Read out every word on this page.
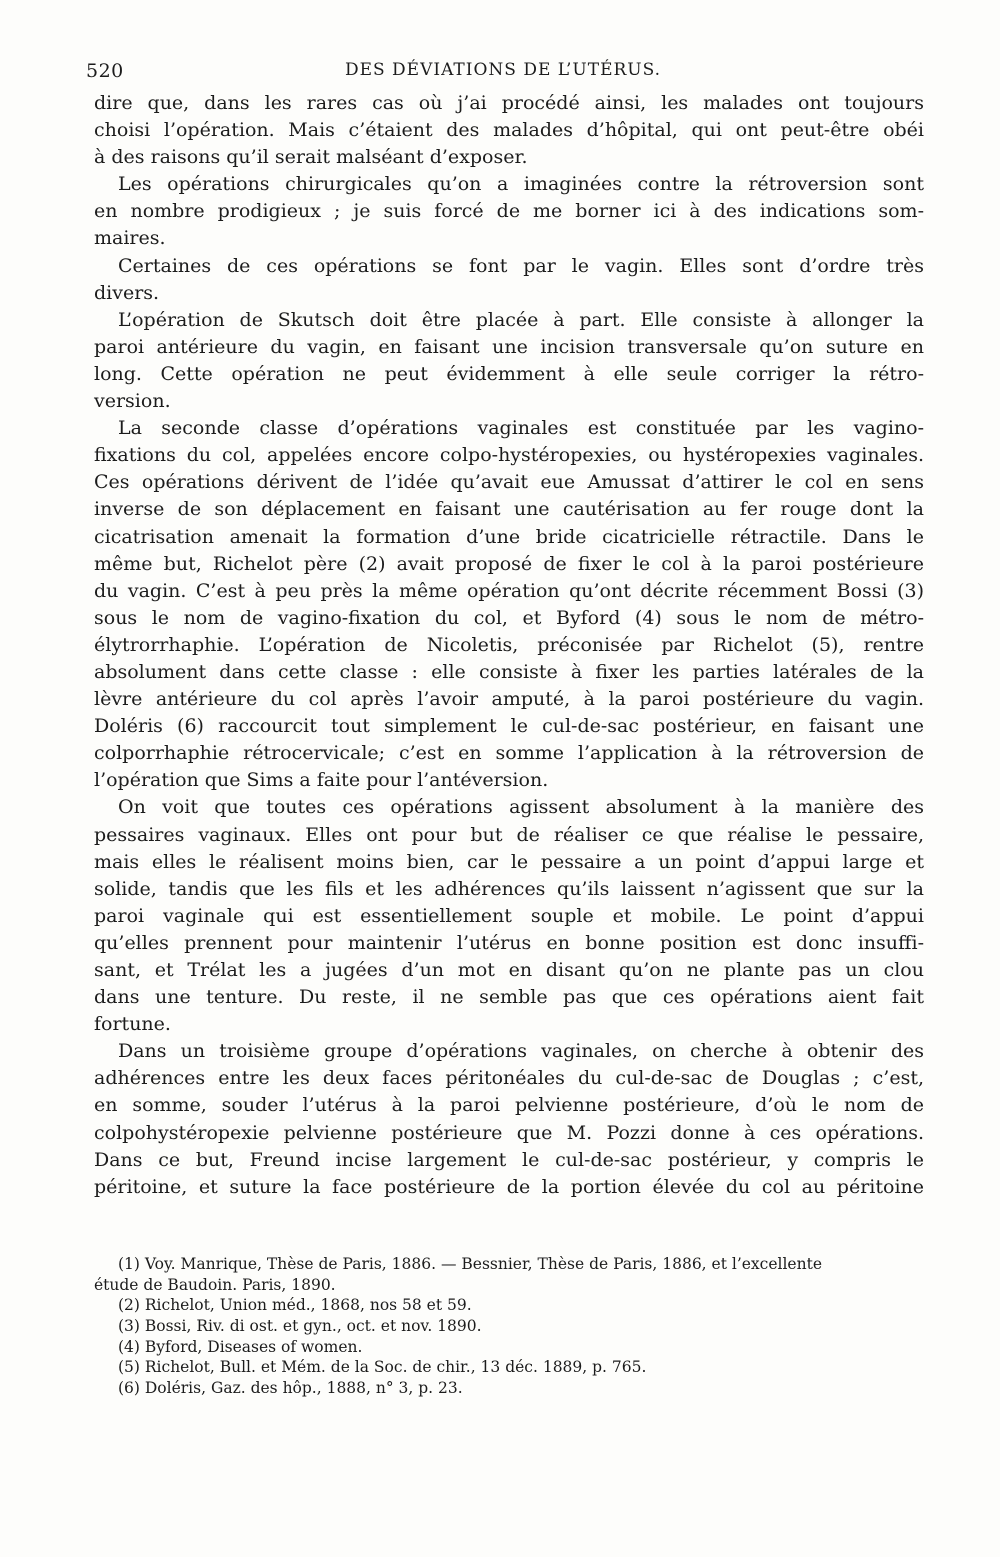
520	DES DÉVIATIONS DE L’UTÉRUS.
dire que, dans les rares cas où j’ai procédé ainsi, les malades ont toujours
choisi l’opération. Mais c’étaient des malades d’hôpital, qui ont peut-être obéi
à des raisons qu’il serait malséant d’exposer.
Les opérations chirurgicales qu’on a imaginées contre la rétroversion sont
en nombre prodigieux ; je suis forcé de me borner ici à des indications som-
maires.
Certaines de ces opérations se font par le vagin. Elles sont d’ordre très
divers.
L’opération de Skutsch doit être placée à part. Elle consiste à allonger la
paroi antérieure du vagin, en faisant une incision transversale qu’on suture en
long. Cette opération ne peut évidemment à elle seule corriger la rétro-
version.
La seconde classe d’opérations vaginales est constituée par les vagino-
fixations du col, appelées encore colpo-hystéropexies, ou hystéropexies vaginales.
Ces opérations dérivent de l’idée qu’avait eue Amussat d’attirer le col en sens
inverse de son déplacement en faisant une cautérisation au fer rouge dont la
cicatrisation amenait la formation d’une bride cicatricielle rétractile. Dans le
même but, Richelot père (2) avait proposé de fixer le col à la paroi postérieure
du vagin. C’est à peu près la même opération qu’ont décrite récemment Bossi (3)
sous le nom de vagino-fixation du col, et Byford (4) sous le nom de métro-
élytrorrhaphie. L’opération de Nicoletis, préconisée par Richelot (5), rentre
absolument dans cette classe : elle consiste à fixer les parties latérales de la
lèvre antérieure du col après l’avoir amputé, à la paroi postérieure du vagin.
Doléris (6) raccourcit tout simplement le cul-de-sac postérieur, en faisant une
colporrhaphie rétrocervicale; c’est en somme l’application à la rétroversion de
l’opération que Sims a faite pour l’antéversion.
On voit que toutes ces opérations agissent absolument à la manière des
pessaires vaginaux. Elles ont pour but de réaliser ce que réalise le pessaire,
mais elles le réalisent moins bien, car le pessaire a un point d’appui large et
solide, tandis que les fils et les adhérences qu’ils laissent n’agissent que sur la
paroi vaginale qui est essentiellement souple et mobile. Le point d’appui
qu’elles prennent pour maintenir l’utérus en bonne position est donc insuffi-
sant, et Trélat les a jugées d’un mot en disant qu’on ne plante pas un clou
dans une tenture. Du reste, il ne semble pas que ces opérations aient fait
fortune.
Dans un troisième groupe d’opérations vaginales, on cherche à obtenir des
adhérences entre les deux faces péritonéales du cul-de-sac de Douglas ; c’est,
en somme, souder l’utérus à la paroi pelvienne postérieure, d’où le nom de
colpohystéropexie pelvienne postérieure que M. Pozzi donne à ces opérations.
Dans ce but, Freund incise largement le cul-de-sac postérieur, y compris le
péritoine, et suture la face postérieure de la portion élevée du col au péritoine
(1) Voy. Manrique, Thèse de Paris, 1886. — Bessnier, Thèse de Paris, 1886, et l’excellente
étude de Baudoin. Paris, 1890.
(2) Richelot, Union méd., 1868, nos 58 et 59.
(3) Bossi, Riv. di ost. et gyn., oct. et nov. 1890.
(4) Byford, Diseases of women.
(5) Richelot, Bull. et Mém. de la Soc. de chir., 13 déc. 1889, p. 765.
(6) Doléris, Gaz. des hôp., 1888, n° 3, p. 23.
